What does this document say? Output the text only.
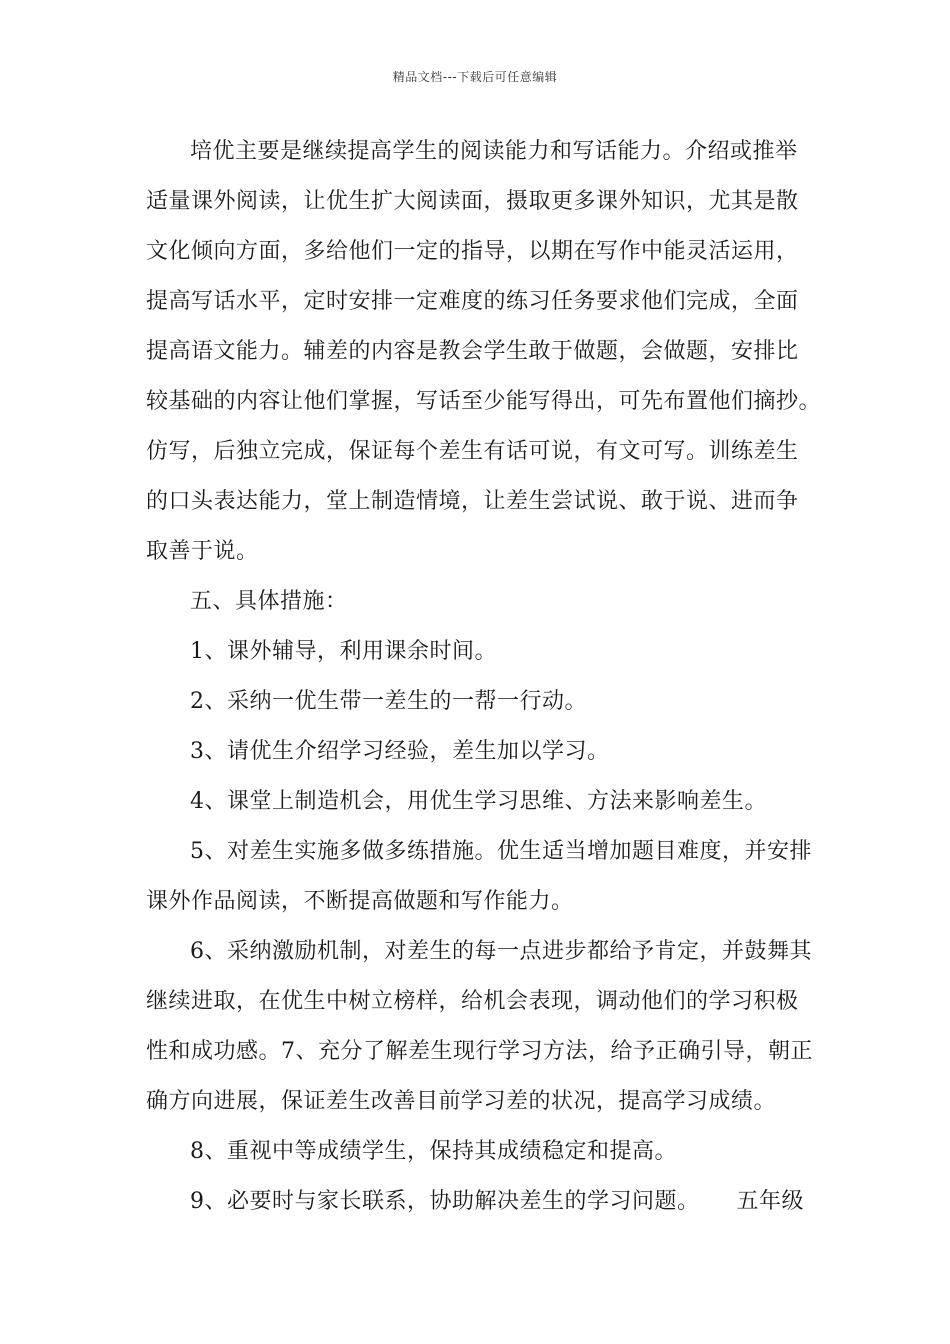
精品文档---下载后可任意编辑
培优主要是继续提高学生的阅读能力和写话能力。介绍或推举
适量课外阅读，让优生扩大阅读面，摄取更多课外知识，尤其是散
文化倾向方面，多给他们一定的指导，以期在写作中能灵活运用，
提高写话水平，定时安排一定难度的练习任务要求他们完成，全面
提高语文能力。辅差的内容是教会学生敢于做题，会做题，安排比
较基础的内容让他们掌握，写话至少能写得出，可先布置他们摘抄。
仿写，后独立完成，保证每个差生有话可说，有文可写。训练差生
的口头表达能力，堂上制造情境，让差生尝试说、敢于说、进而争
取善于说。
五、具体措施：
1、课外辅导，利用课余时间。
2、采纳一优生带一差生的一帮一行动。
3、请优生介绍学习经验，差生加以学习。
4、课堂上制造机会，用优生学习思维、方法来影响差生。
5、对差生实施多做多练措施。优生适当增加题目难度，并安排
课外作品阅读，不断提高做题和写作能力。
6、采纳激励机制，对差生的每一点进步都给予肯定，并鼓舞其
继续进取，在优生中树立榜样，给机会表现，调动他们的学习积极
性和成功感。7、充分了解差生现行学习方法，给予正确引导，朝正
确方向进展，保证差生改善目前学习差的状况，提高学习成绩。
8、重视中等成绩学生，保持其成绩稳定和提高。
9、必要时与家长联系，协助解决差生的学习问题。 五年级
